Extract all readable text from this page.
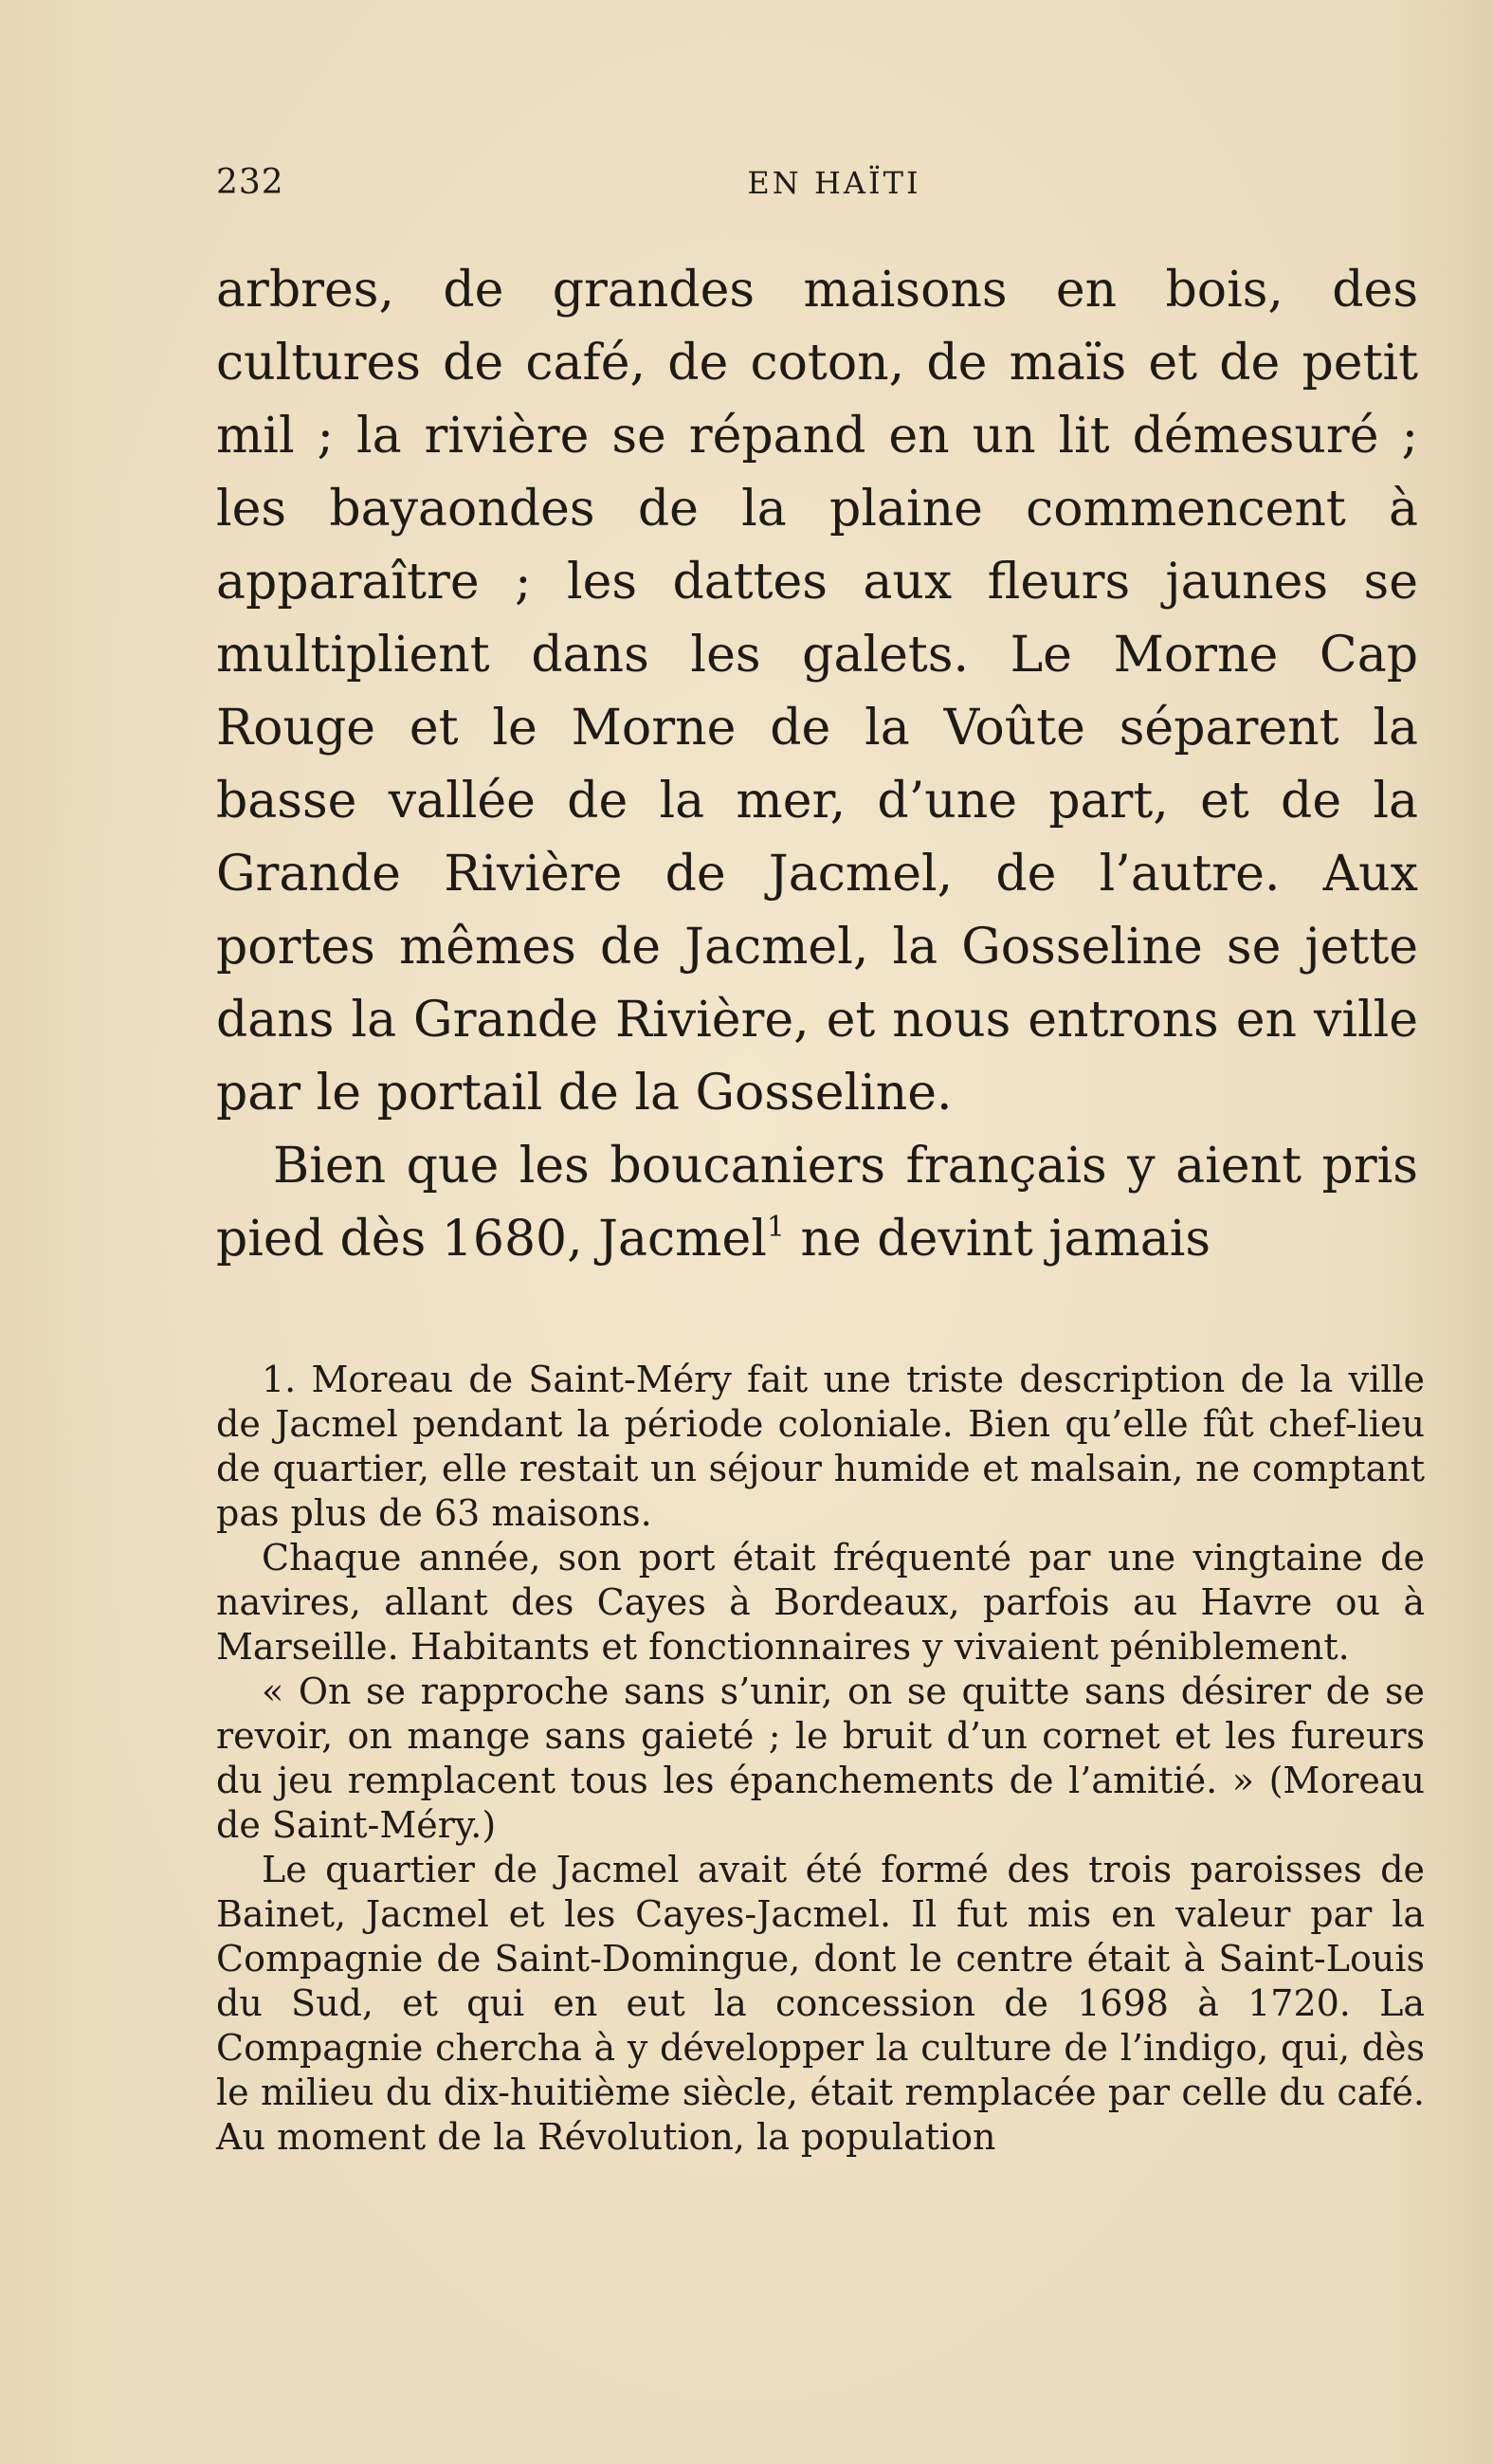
232	EN HAÏTI

arbres, de grandes maisons en bois, des cultures de café, de coton, de maïs et de petit mil ; la rivière se répand en un lit démesuré ; les bayaondes de la plaine commencent à apparaître ; les dattes aux fleurs jaunes se multiplient dans les galets. Le Morne Cap Rouge et le Morne de la Voûte séparent la basse vallée de la mer, d’une part, et de la Grande Rivière de Jacmel, de l’autre. Aux portes mêmes de Jacmel, la Gosseline se jette dans la Grande Rivière, et nous entrons en ville par le portail de la Gosseline.

Bien que les boucaniers français y aient pris pied dès 1680, Jacmel$^1$ ne devint jamais

1. Moreau de Saint-Méry fait une triste description de la ville de Jacmel pendant la période coloniale. Bien qu’elle fût chef-lieu de quartier, elle restait un séjour humide et malsain, ne comptant pas plus de 63 maisons.

Chaque année, son port était fréquenté par une vingtaine de navires, allant des Cayes à Bordeaux, parfois au Havre ou à Marseille. Habitants et fonctionnaires y vivaient péniblement.

« On se rapproche sans s’unir, on se quitte sans désirer de se revoir, on mange sans gaieté ; le bruit d’un cornet et les fureurs du jeu remplacent tous les épanchements de l’amitié. » (Moreau de Saint-Méry.)

Le quartier de Jacmel avait été formé des trois paroisses de Bainet, Jacmel et les Cayes-Jacmel. Il fut mis en valeur par la Compagnie de Saint-Domingue, dont le centre était à Saint-Louis du Sud, et qui en eut la concession de 1698 à 1720. La Compagnie chercha à y développer la culture de l’indigo, qui, dès le milieu du dix-huitième siècle, était remplacée par celle du café. Au moment de la Révolution, la population
